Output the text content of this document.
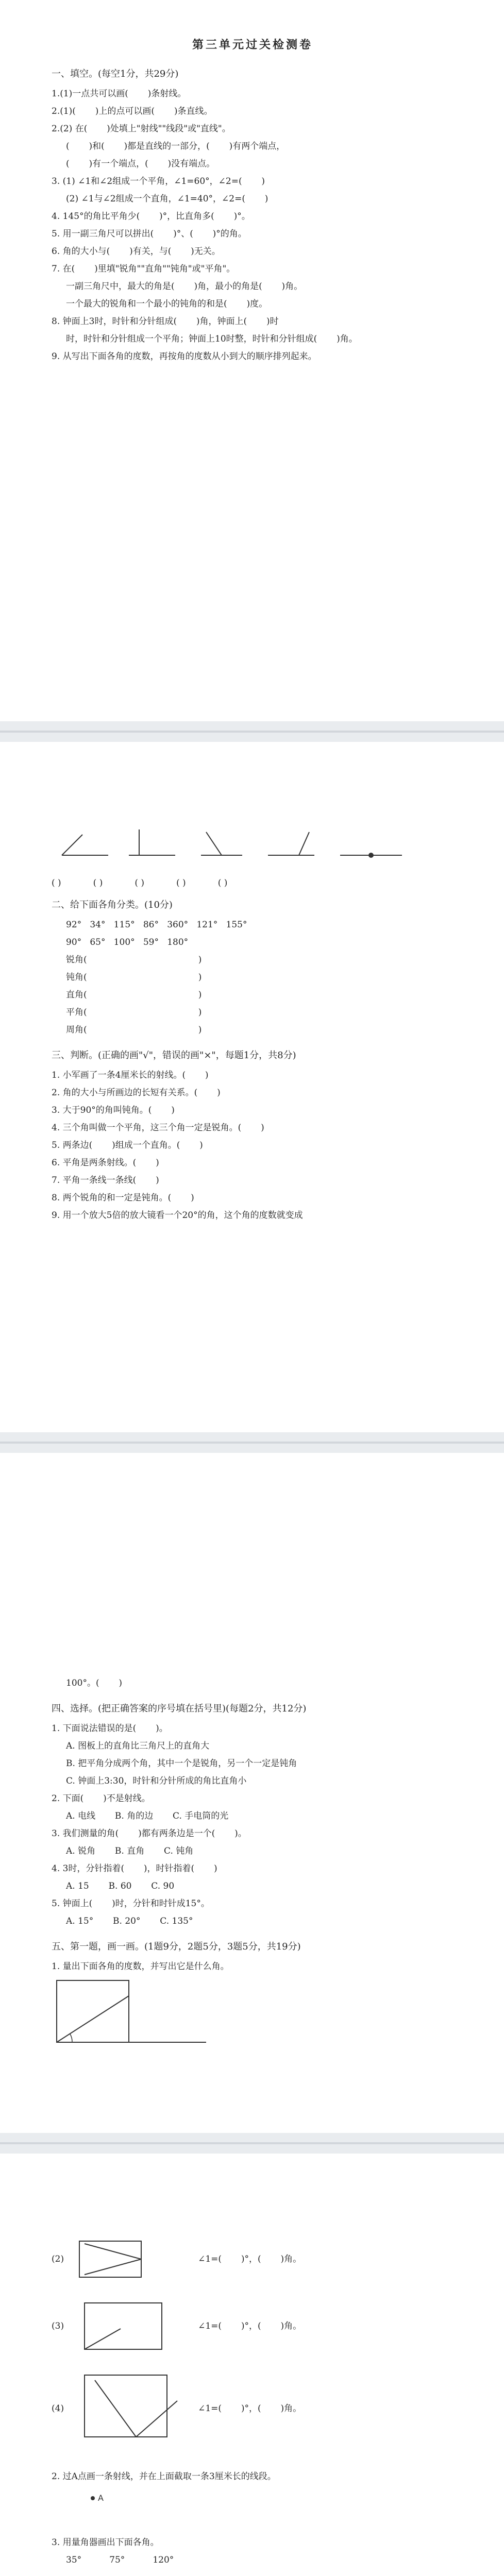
第三单元过关检测卷

一、填空。(每空1分，共29分)

1.(1)一点共可以画(       )条射线。

2.(1)(       )上的点可以画(       )条直线。

2.(2) 在(       )处填上"射线""线段"或"直线"。

(       )和(       )都是直线的一部分，(       )有两个端点，

(       )有一个端点，(       )没有端点。

3. (1) ∠1和∠2组成一个平角，∠1=60°，∠2=(       )

(2) ∠1与∠2组成一个直角，∠1=40°，∠2=(       )

4. 145°的角比平角少(       )°，比直角多(       )°。

5. 用一副三角尺可以拼出(       )°、(       )°的角。

6. 角的大小与(       )有关，与(       )无关。

7. 在(       )里填"锐角""直角""钝角"或"平角"。

一副三角尺中，最大的角是(       )角，最小的角是(       )角。

一个最大的锐角和一个最小的钝角的和是(       )度。

8. 钟面上3时，时针和分针组成(       )角，钟面上(       )时

时，时针和分针组成一个平角；钟面上10时整，时针和分针组成(       )角。

9. 从写出下面各角的度数，再按角的度数从小到大的顺序排列起来。

( )	( )	( )	( )	( )

二、给下面各角分类。(10分)

92°   34°   115°   86°   360°   121°   155°

90°   65°   100°   59°   180°

锐角(                                        )

钝角(                                        )

直角(                                        )

平角(                                        )

周角(                                        )

三、判断。(正确的画"√"，错误的画"×"，每题1分，共8分)

1. 小军画了一条4厘米长的射线。(       )

2. 角的大小与所画边的长短有关系。(       )

3. 大于90°的角叫钝角。(       )

4. 三个角叫做一个平角，这三个角一定是锐角。(       )

5. 两条边(       )组成一个直角。(       )

6. 平角是两条射线。(       )

7. 平角一条线一条线(       )

8. 两个锐角的和一定是钝角。(       )

9. 用一个放大5倍的放大镜看一个20°的角，这个角的度数就变成

100°。(       )

四、选择。(把正确答案的序号填在括号里)(每题2分，共12分)

1. 下面说法错误的是(       )。

A. 图板上的直角比三角尺上的直角大

B. 把平角分成两个角，其中一个是锐角，另一个一定是钝角

C. 钟面上3:30，时针和分针所成的角比直角小

2. 下面(       )不是射线。

A. 电线       B. 角的边       C. 手电筒的光

3. 我们测量的角(       )都有两条边是一个(       )。

A. 锐角       B. 直角       C. 钝角

4. 3时，分针指着(       )，时针指着(       )

A. 15       B. 60       C. 90

5. 钟面上(       )时，分针和时针成15°。

A. 15°       B. 20°       C. 135°

五、第一题，画一画。(1题9分，2题5分，3题5分，共19分)

1. 量出下面各角的度数，并写出它是什么角。

(2)	∠1=(       )°，(       )角。
(3)	∠1=(       )°，(       )角。
(4)	∠1=(       )°，(       )角。

2. 过A点画一条射线，并在上面截取一条3厘米长的线段。

A

3. 用量角器画出下面各角。

35°          75°          120°
